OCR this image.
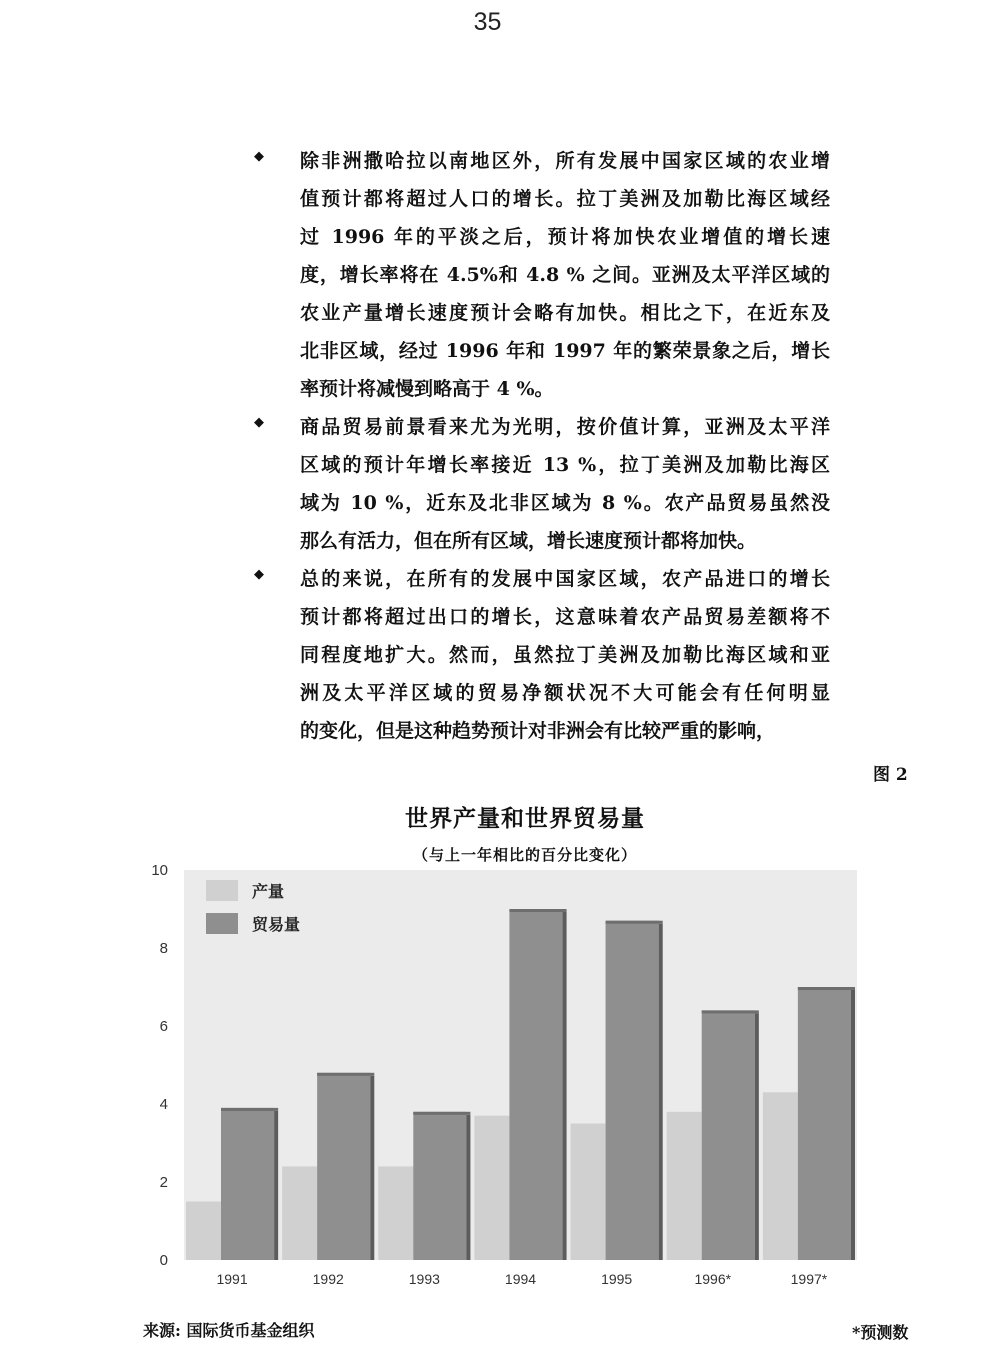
35
◆ 除非洲撒哈拉以南地区外，所有发展中国家区域的农业增
值预计都将超过人口的增长。拉丁美洲及加勒比海区域经
过 1996 年的平淡之后，预计将加快农业增值的增长速
度，增长率将在 4.5%和 4.8 % 之间。亚洲及太平洋区域的
农业产量增长速度预计会略有加快。相比之下，在近东及
北非区域，经过 1996 年和 1997 年的繁荣景象之后，增长
率预计将减慢到略高于 4 %。
◆ 商品贸易前景看来尤为光明，按价值计算，亚洲及太平洋
区域的预计年增长率接近 13 %，拉丁美洲及加勒比海区
域为 10 %，近东及北非区域为 8 %。农产品贸易虽然没
那么有活力，但在所有区域，增长速度预计都将加快。
◆ 总的来说，在所有的发展中国家区域，农产品进口的增长
预计都将超过出口的增长，这意味着农产品贸易差额将不
同程度地扩大。然而，虽然拉丁美洲及加勒比海区域和亚
洲及太平洋区域的贸易净额状况不大可能会有任何明显
的变化，但是这种趋势预计对非洲会有比较严重的影响，
图 2
世界产量和世界贸易量
（与上一年相比的百分比变化）
0
2
4
6
8
10
1991	1992	1993	1994	1995	1996*	1997*
产量
贸易量
来源: 国际货币基金组织	*预测数
